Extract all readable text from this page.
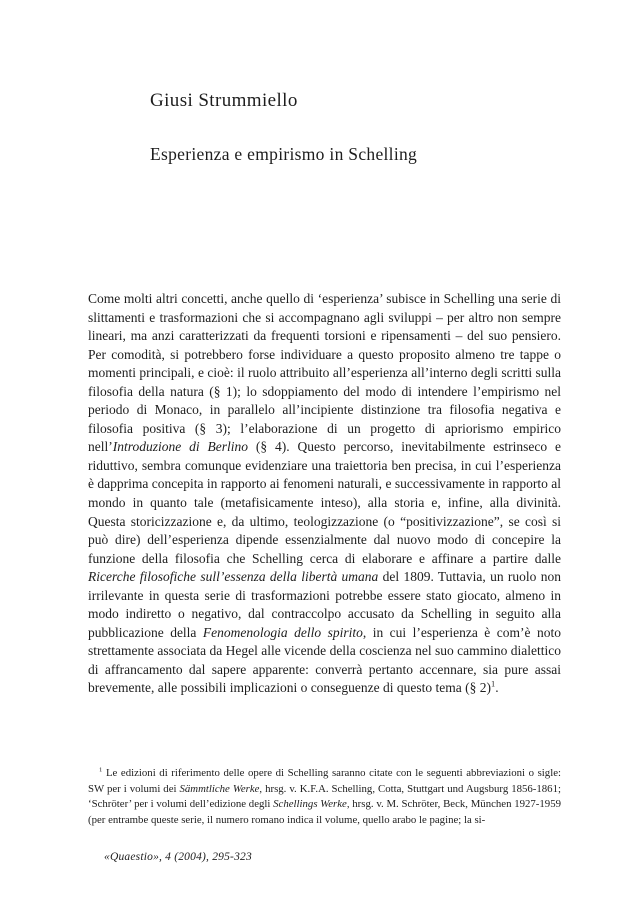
Giusi Strummiello
Esperienza e empirismo in Schelling

Come molti altri concetti, anche quello di ‘esperienza’ subisce in Schelling una serie di slittamenti e trasformazioni che si accompagnano agli sviluppi – per altro non sempre lineari, ma anzi caratterizzati da frequenti torsioni e ripensamenti – del suo pensiero. Per comodità, si potrebbero forse individuare a questo proposito almeno tre tappe o momenti principali, e cioè: il ruolo attribuito all’esperienza all’interno degli scritti sulla filosofia della natura (§ 1); lo sdoppiamento del modo di intendere l’empirismo nel periodo di Monaco, in parallelo all’incipiente distinzione tra filosofia negativa e filosofia positiva (§ 3); l’elaborazione di un progetto di apriorismo empirico nell’Introduzione di Berlino (§ 4). Questo percorso, inevitabilmente estrinseco e riduttivo, sembra comunque evidenziare una traiettoria ben precisa, in cui l’esperienza è dapprima concepita in rapporto ai fenomeni naturali, e successivamente in rapporto al mondo in quanto tale (metafisicamente inteso), alla storia e, infine, alla divinità. Questa storicizzazione e, da ultimo, teologizzazione (o “positivizzazione”, se così si può dire) dell’esperienza dipende essenzialmente dal nuovo modo di concepire la funzione della filosofia che Schelling cerca di elaborare e affinare a partire dalle Ricerche filosofiche sull’essenza della libertà umana del 1809. Tuttavia, un ruolo non irrilevante in questa serie di trasformazioni potrebbe essere stato giocato, almeno in modo indiretto o negativo, dal contraccolpo accusato da Schelling in seguito alla pubblicazione della Fenomenologia dello spirito, in cui l’esperienza è com’è noto strettamente associata da Hegel alle vicende della coscienza nel suo cammino dialettico di affrancamento dal sapere apparente: converrà pertanto accennare, sia pure assai brevemente, alle possibili implicazioni o conseguenze di questo tema (§ 2)$^1$.

$^1$ Le edizioni di riferimento delle opere di Schelling saranno citate con le seguenti abbreviazioni o sigle: SW per i volumi dei Sämmtliche Werke, hrsg. v. K.F.A. Schelling, Cotta, Stuttgart und Augsburg 1856-1861; ‘Schröter’ per i volumi dell’edizione degli Schellings Werke, hrsg. v. M. Schröter, Beck, München 1927-1959 (per entrambe queste serie, il numero romano indica il volume, quello arabo le pagine; la si-
«Quaestio», 4 (2004), 295-323
